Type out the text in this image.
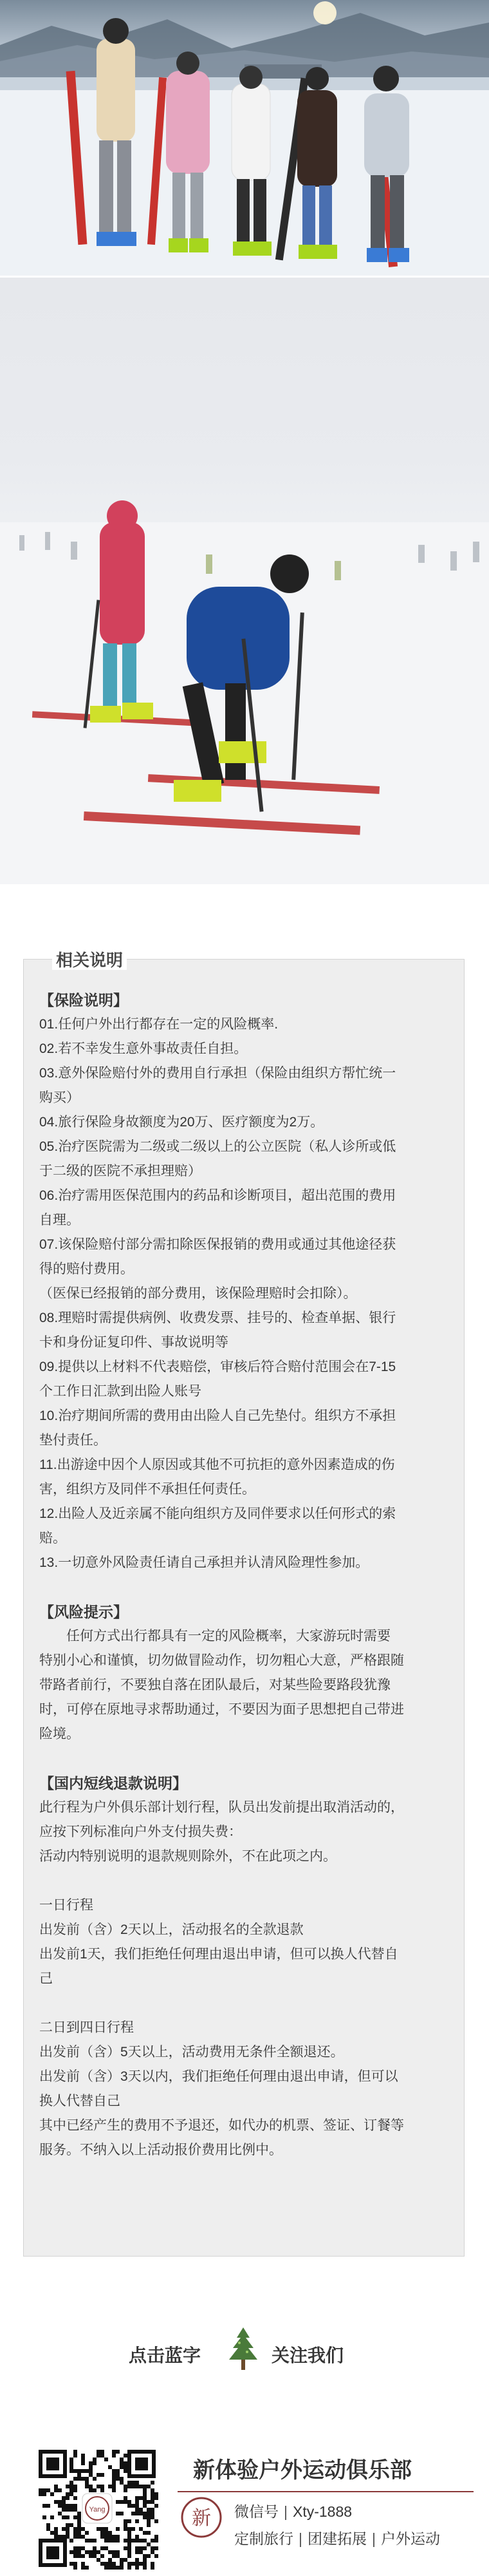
相关说明

【保险说明】

01.任何户外出行都存在一定的风险概率.

02.若不幸发生意外事故责任自担。

03.意外保险赔付外的费用自行承担（保险由组织方帮忙统一

购买）

04.旅行保险身故额度为20万、医疗额度为2万。

05.治疗医院需为二级或二级以上的公立医院（私人诊所或低

于二级的医院不承担理赔）

06.治疗需用医保范围内的药品和诊断项目，超出范围的费用

自理。

07.该保险赔付部分需扣除医保报销的费用或通过其他途径获

得的赔付费用。

（医保已经报销的部分费用，该保险理赔时会扣除）。

08.理赔时需提供病例、收费发票、挂号的、检查单据、银行

卡和身份证复印件、事故说明等

09.提供以上材料不代表赔偿，审核后符合赔付范围会在7-15

个工作日汇款到出险人账号

10.治疗期间所需的费用由出险人自己先垫付。组织方不承担

垫付责任。

11.出游途中因个人原因或其他不可抗拒的意外因素造成的伤

害，组织方及同伴不承担任何责任。

12.出险人及近亲属不能向组织方及同伴要求以任何形式的索

赔。

13.一切意外风险责任请自己承担并认清风险理性参加。

【风险提示】

任何方式出行都具有一定的风险概率，大家游玩时需要

特别小心和谨慎，切勿做冒险动作，切勿粗心大意，严格跟随

带路者前行，不要独自落在团队最后，对某些险要路段犹豫

时，可停在原地寻求帮助通过，不要因为面子思想把自己带进

险境。

【国内短线退款说明】

此行程为户外俱乐部计划行程，队员出发前提出取消活动的，

应按下列标准向户外支付损失费：

活动内特别说明的退款规则除外，不在此项之内。

一日行程

出发前（含）2天以上，活动报名的全款退款

出发前1天，我们拒绝任何理由退出申请，但可以换人代替自

己

二日到四日行程

出发前（含）5天以上，活动费用无条件全额退还。

出发前（含）3天以内，我们拒绝任何理由退出申请，但可以

换人代替自己

其中已经产生的费用不予退还，如代办的机票、签证、订餐等

服务。不纳入以上活动报价费用比例中。

点击蓝字	关注我们
Yang
新体验户外运动俱乐部
新 微信号 | Xty-1888
定制旅行 | 团建拓展 | 户外运动
